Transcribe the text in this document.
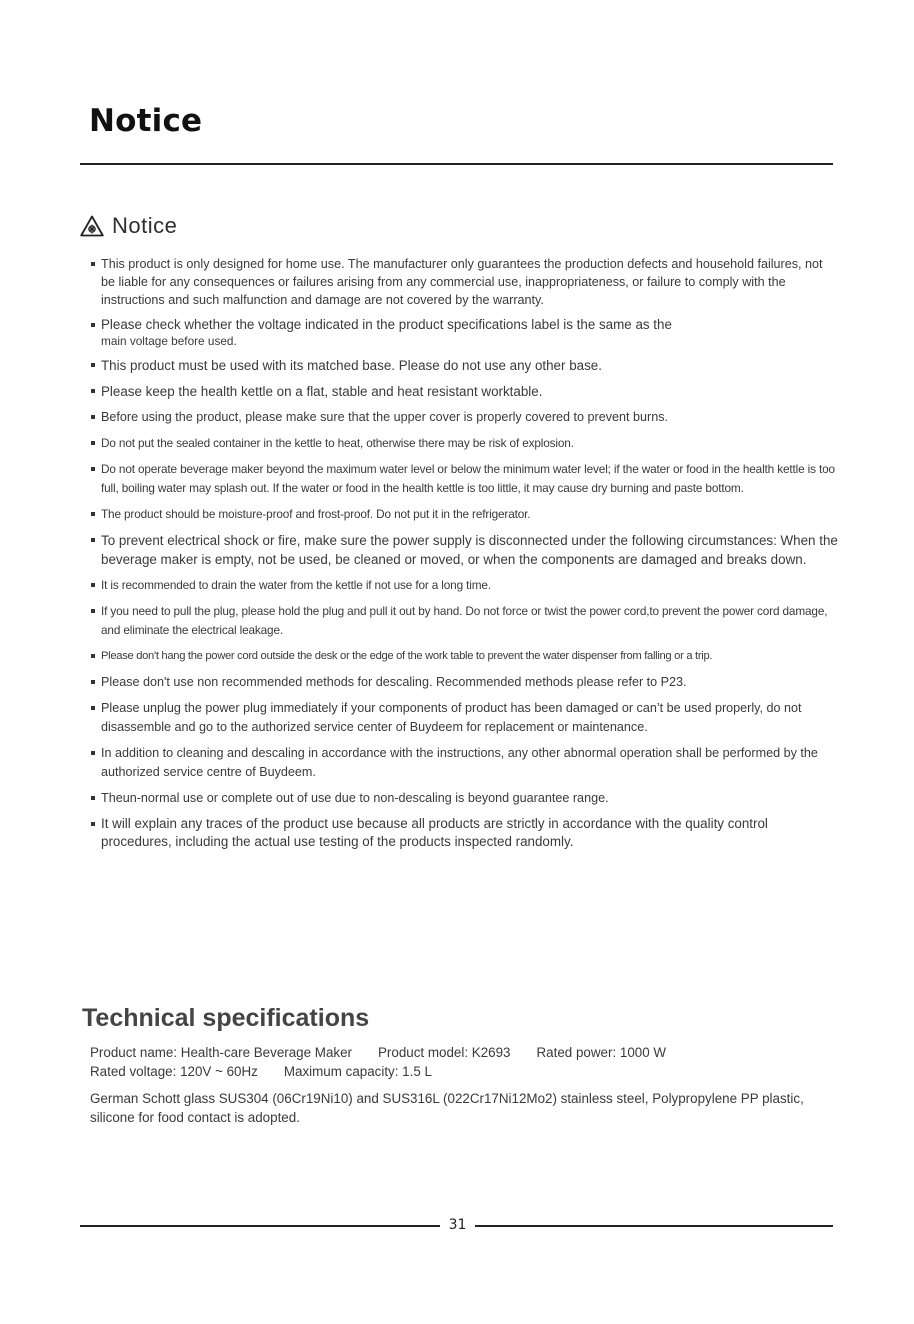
Notice
Notice
This product is only designed for home use. The manufacturer only guarantees the production defects and household failures, not be liable for any consequences or failures arising from any commercial use, inappropriateness, or failure to comply with the instructions and such malfunction and damage are not covered by the warranty.
Please check whether the voltage indicated in the product specifications label is the same as the
main voltage before used.
This product must be used with its matched base. Please do not use any other base.
Please keep the health kettle on a flat, stable and heat resistant worktable.
Before using the product, please make sure that the upper cover is properly covered to prevent burns.
Do not put the sealed container in the kettle to heat, otherwise there may be risk of explosion.
Do not operate beverage maker beyond the maximum water level or below the minimum water level; if the water or food in the health kettle is too full, boiling water may splash out. If the water or food in the health kettle is too little, it may cause dry burning and paste bottom.
The product should be moisture-proof and frost-proof. Do not put it in the refrigerator.
To prevent electrical shock or fire, make sure the power supply is disconnected under the following circumstances: When the beverage maker is empty, not be used, be cleaned or moved, or when the components are damaged and breaks down.
It is recommended to drain the water from the kettle if not use for a long time.
If you need to pull the plug, please hold the plug and pull it out by hand. Do not force or twist the power cord,to prevent the power cord damage, and eliminate the electrical leakage.
Please don't hang the power cord outside the desk or the edge of the work table to prevent the water dispenser from falling or a trip.
Please don't use non recommended methods for descaling. Recommended methods please refer to P23.
Please unplug the power plug immediately if your components of product has been damaged or can’t be used properly, do not disassemble and go to the authorized service center of Buydeem for replacement or maintenance.
In addition to cleaning and descaling in accordance with the instructions, any other abnormal operation shall be performed by the authorized service centre of Buydeem.
Theun-normal use or complete out of use due to non-descaling is beyond guarantee range.
It will explain any traces of the product use because all products are strictly in accordance with the quality control procedures, including the actual use testing of the products inspected randomly.
Technical specifications
Product name: Health-care Beverage Maker Product model: K2693 Rated power: 1000 W
Rated voltage: 120V ~ 60Hz Maximum capacity: 1.5 L
German Schott glass SUS304 (06Cr19Ni10) and SUS316L (022Cr17Ni12Mo2) stainless steel, Polypropylene PP plastic, silicone for food contact is adopted.
31
